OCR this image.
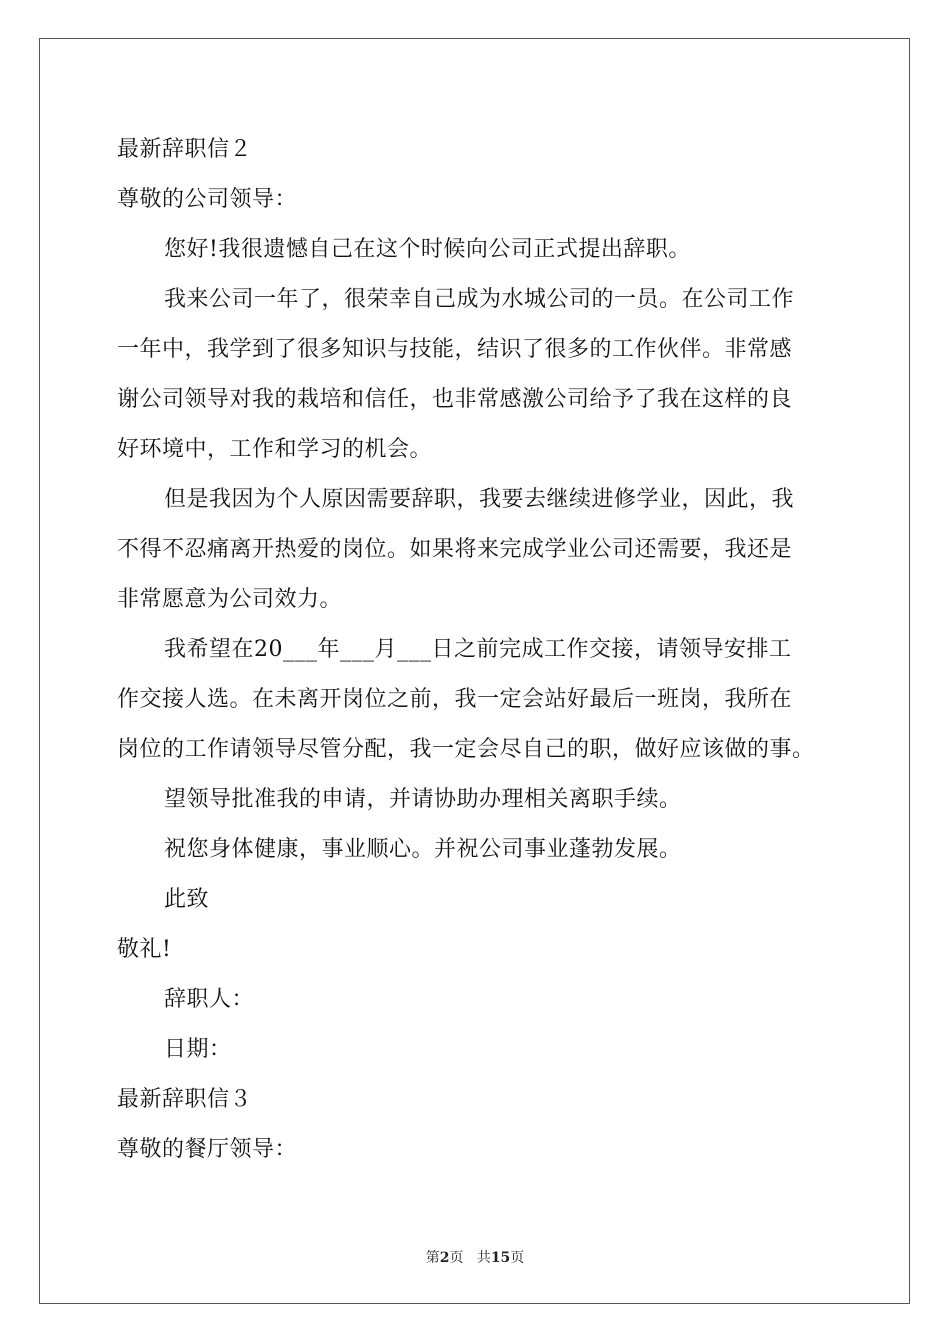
最新辞职信２
尊敬的公司领导：
您好!我很遗憾自己在这个时候向公司正式提出辞职。
我来公司一年了，很荣幸自己成为水城公司的一员。在公司工作
一年中，我学到了很多知识与技能，结识了很多的工作伙伴。非常感
谢公司领导对我的栽培和信任，也非常感激公司给予了我在这样的良
好环境中，工作和学习的机会。
但是我因为个人原因需要辞职，我要去继续进修学业，因此，我
不得不忍痛离开热爱的岗位。如果将来完成学业公司还需要，我还是
非常愿意为公司效力。
我希望在20___年___月___日之前完成工作交接，请领导安排工
作交接人选。在未离开岗位之前，我一定会站好最后一班岗，我所在
岗位的工作请领导尽管分配，我一定会尽自己的职，做好应该做的事。
望领导批准我的申请，并请协助办理相关离职手续。
祝您身体健康，事业顺心。并祝公司事业蓬勃发展。
此致
敬礼!
辞职人：
日期：
最新辞职信３
尊敬的餐厅领导：
第2页 共15页
